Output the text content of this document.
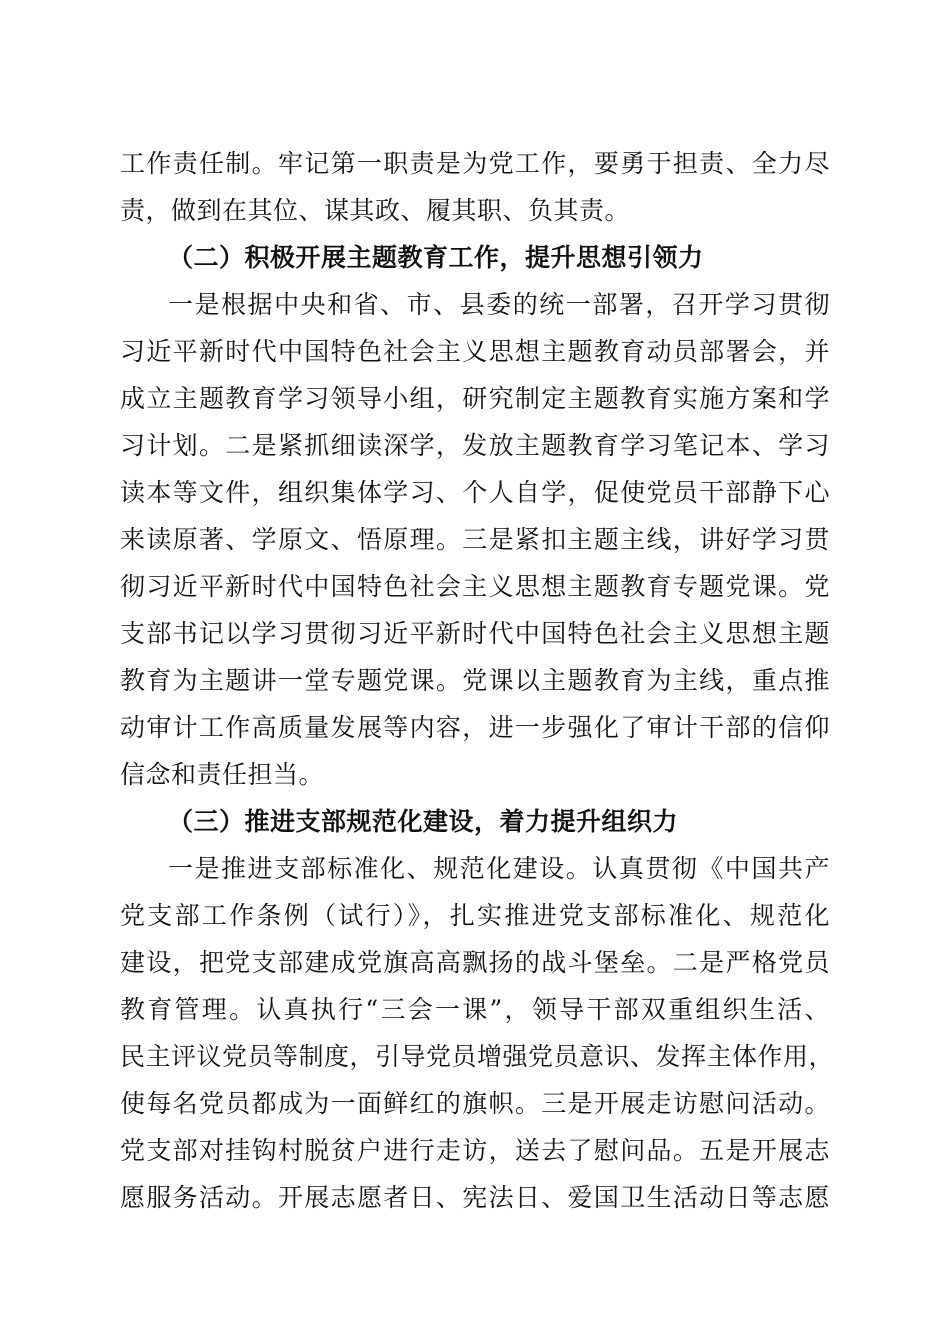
工作责任制。牢记第一职责是为党工作，要勇于担责、全力尽
责，做到在其位、谋其政、履其职、负其责。
（二）积极开展主题教育工作，提升思想引领力
一是根据中央和省、市、县委的统一部署，召开学习贯彻
习近平新时代中国特色社会主义思想主题教育动员部署会，并
成立主题教育学习领导小组，研究制定主题教育实施方案和学
习计划。二是紧抓细读深学，发放主题教育学习笔记本、学习
读本等文件，组织集体学习、个人自学，促使党员干部静下心
来读原著、学原文、悟原理。三是紧扣主题主线，讲好学习贯
彻习近平新时代中国特色社会主义思想主题教育专题党课。党
支部书记以学习贯彻习近平新时代中国特色社会主义思想主题
教育为主题讲一堂专题党课。党课以主题教育为主线，重点推
动审计工作高质量发展等内容，进一步强化了审计干部的信仰
信念和责任担当。
（三）推进支部规范化建设，着力提升组织力
一是推进支部标准化、规范化建设。认真贯彻《中国共产
党支部工作条例（试行）》，扎实推进党支部标准化、规范化
建设，把党支部建成党旗高高飘扬的战斗堡垒。二是严格党员
教育管理。认真执行“三会一课”，领导干部双重组织生活、
民主评议党员等制度，引导党员增强党员意识、发挥主体作用，
使每名党员都成为一面鲜红的旗帜。三是开展走访慰问活动。
党支部对挂钩村脱贫户进行走访，送去了慰问品。五是开展志
愿服务活动。开展志愿者日、宪法日、爱国卫生活动日等志愿
